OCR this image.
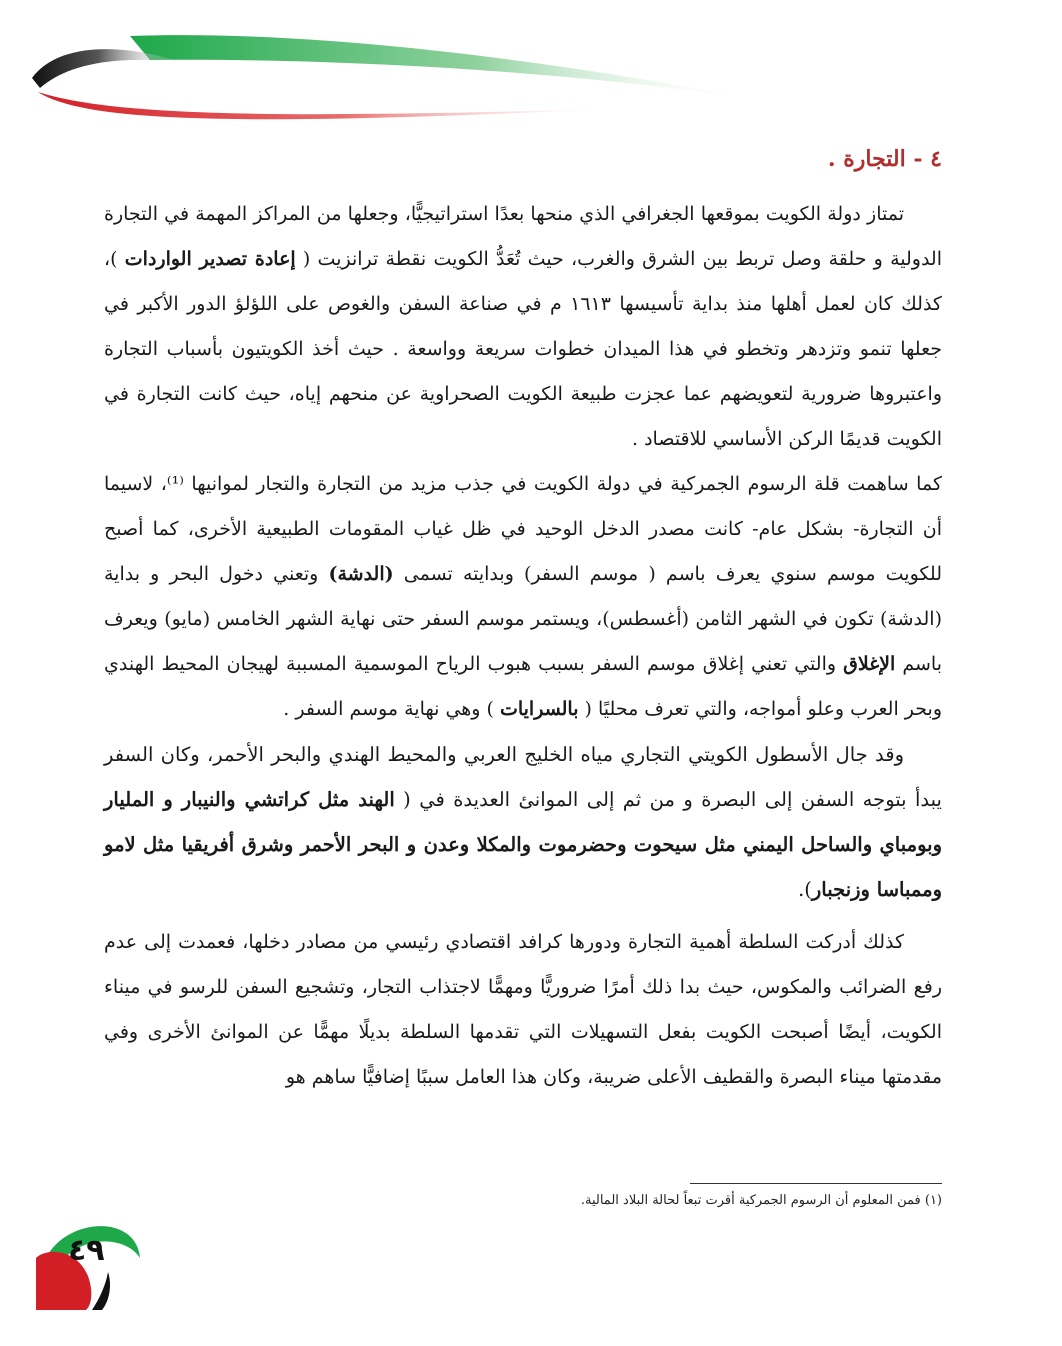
٤ - التجارة .

تمتاز دولة الكويت بموقعها الجغرافي الذي منحها بعدًا استراتيجيًّا، وجعلها من المراكز المهمة في التجارة الدولية و حلقة وصل تربط بين الشرق والغرب، حيث تُعَدُّ الكويت نقطة ترانزيت ( إعادة تصدير الواردات )، كذلك كان لعمل أهلها منذ بداية تأسيسها ١٦١٣ م في صناعة السفن والغوص على اللؤلؤ الدور الأكبر في جعلها تنمو وتزدهر وتخطو في هذا الميدان خطوات سريعة وواسعة . حيث أخذ الكويتيون بأسباب التجارة واعتبروها ضرورية لتعويضهم عما عجزت طبيعة الكويت الصحراوية عن منحهم إياه، حيث كانت التجارة في الكويت قديمًا الركن الأساسي للاقتصاد .

كما ساهمت قلة الرسوم الجمركية في دولة الكويت في جذب مزيد من التجارة والتجار لموانيها ⁽¹⁾، لاسيما أن التجارة- بشكل عام- كانت مصدر الدخل الوحيد في ظل غياب المقومات الطبيعية الأخرى، كما أصبح للكويت موسم سنوي يعرف باسم ( موسم السفر) وبدايته تسمى (الدشة) وتعني دخول البحر و بداية (الدشة) تكون في الشهر الثامن (أغسطس)، ويستمر موسم السفر حتى نهاية الشهر الخامس (مايو) ويعرف باسم الإغلاق والتي تعني إغلاق موسم السفر بسبب هبوب الرياح الموسمية المسببة لهيجان المحيط الهندي وبحر العرب وعلو أمواجه، والتي تعرف محليًا ( بالسرايات ) وهي نهاية موسم السفر .

وقد جال الأسطول الكويتي التجاري مياه الخليج العربي والمحيط الهندي والبحر الأحمر، وكان السفر يبدأ بتوجه السفن إلى البصرة و من ثم إلى الموانئ العديدة في ( الهند مثل كراتشي والنيبار و المليار وبومباي والساحل اليمني مثل سيحوت وحضرموت والمكلا وعدن و البحر الأحمر وشرق أفريقيا مثل لامو وممباسا وزنجبار).

كذلك أدركت السلطة أهمية التجارة ودورها كرافد اقتصادي رئيسي من مصادر دخلها، فعمدت إلى عدم رفع الضرائب والمكوس، حيث بدا ذلك أمرًا ضروريًّا ومهمًّا لاجتذاب التجار، وتشجيع السفن للرسو في ميناء الكويت، أيضًا أصبحت الكويت بفعل التسهيلات التي تقدمها السلطة بديلًا مهمًّا عن الموانئ الأخرى وفي مقدمتها ميناء البصرة والقطيف الأعلى ضريبة، وكان هذا العامل سببًا إضافيًّا ساهم هو

(١) فمن المعلوم أن الرسوم الجمركية أقرت تبعاً لحالة البلاد المالية.
٤٩
